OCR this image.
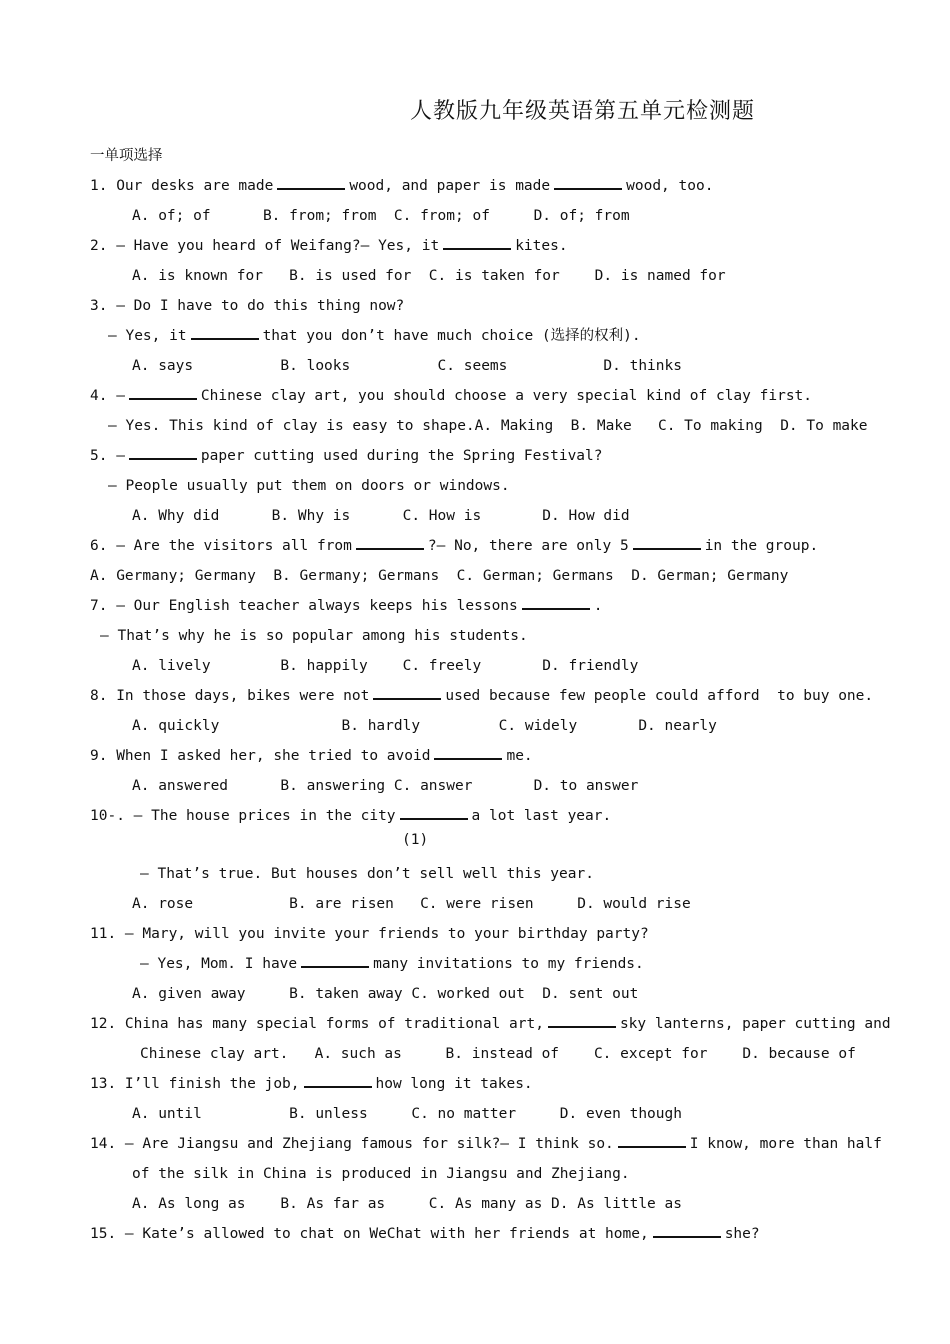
人教版九年级英语第五单元检测题
一单项选择
1. Our desks are made	wood, and paper is made	wood, too.
A. of; of      B. from; from  C. from; of     D. of; from
2. — Have you heard of Weifang?— Yes, it	kites.
A. is known for   B. is used for  C. is taken for    D. is named for
3. — Do I have to do this thing now?
— Yes, it	that you don’t have much choice (选择的权利).
A. says          B. looks          C. seems           D. thinks
4. —	Chinese clay art, you should choose a very special kind of clay first.
— Yes. This kind of clay is easy to shape.A. Making  B. Make   C. To making  D. To make
5. —	paper cutting used during the Spring Festival?
— People usually put them on doors or windows.
A. Why did      B. Why is      C. How is       D. How did
6. — Are the visitors all from	?— No, there are only 5	in the group.
A. Germany; Germany  B. Germany; Germans  C. German; Germans  D. German; Germany
7. — Our English teacher always keeps his lessons	.
— That’s why he is so popular among his students.
A. lively        B. happily    C. freely       D. friendly
8. In those days, bikes were not	used because few people could afford  to buy one.
A. quickly              B. hardly         C. widely       D. nearly
9. When I asked her, she tried to avoid	me.
A. answered      B. answering C. answer       D. to answer
10-. — The house prices in the city	a lot last year.
(1)
— That’s true. But houses don’t sell well this year.
A. rose           B. are risen   C. were risen     D. would rise
11. — Mary, will you invite your friends to your birthday party?
— Yes, Mom. I have	many invitations to my friends.
A. given away     B. taken away C. worked out  D. sent out
12. China has many special forms of traditional art,	sky lanterns, paper cutting and
Chinese clay art.   A. such as     B. instead of    C. except for    D. because of
13. I’ll finish the job,	how long it takes.
A. until          B. unless     C. no matter     D. even though
14. — Are Jiangsu and Zhejiang famous for silk?— I think so.	I know, more than half
of the silk in China is produced in Jiangsu and Zhejiang.
A. As long as    B. As far as     C. As many as D. As little as
15. — Kate’s allowed to chat on WeChat with her friends at home,	she?
